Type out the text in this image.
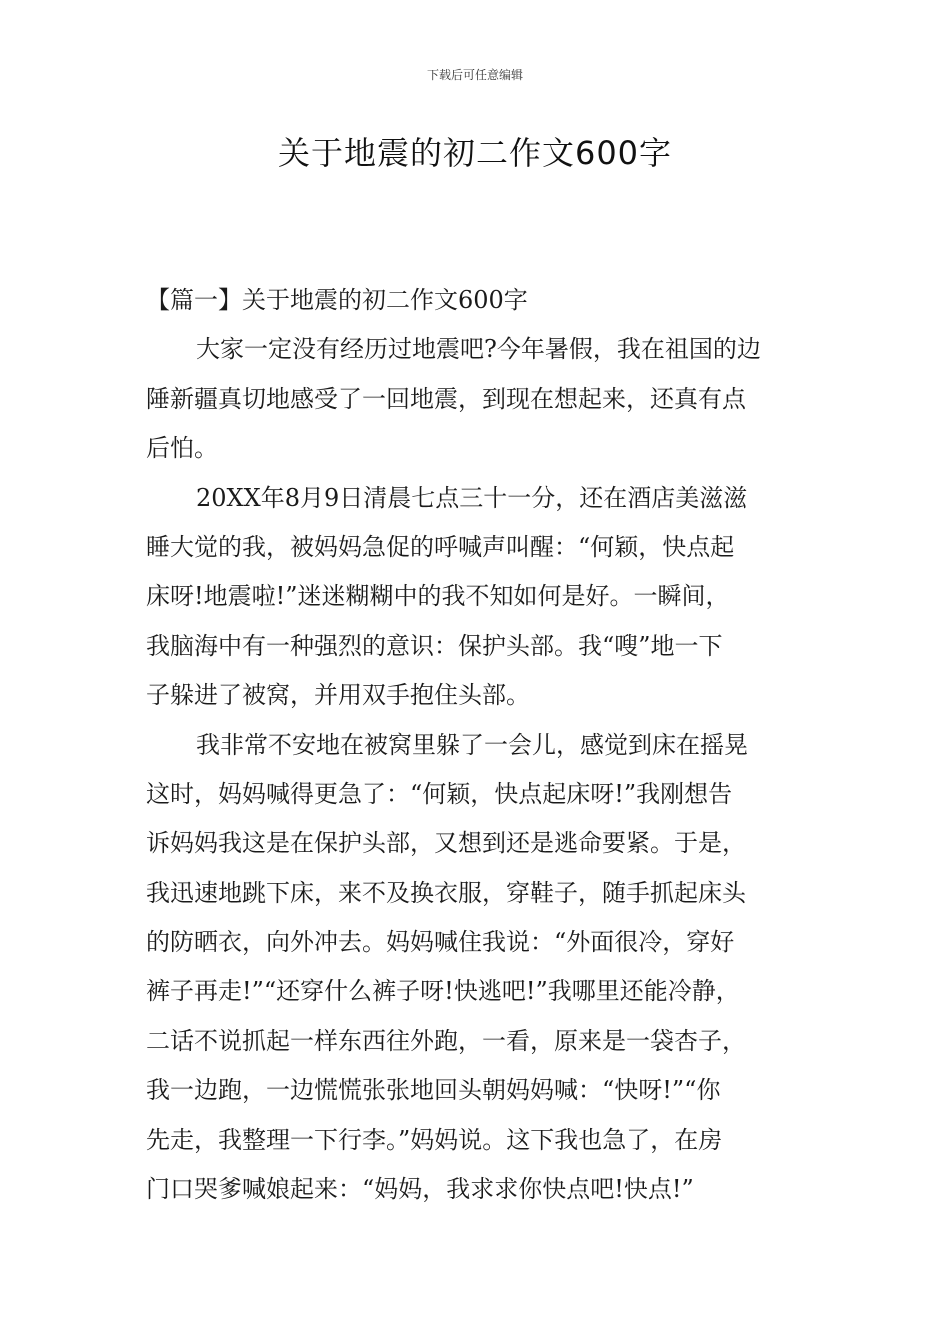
下载后可任意编辑
关于地震的初二作文600字
【篇一】关于地震的初二作文600字
大家一定没有经历过地震吧?今年暑假，我在祖国的边
陲新疆真切地感受了一回地震，到现在想起来，还真有点
后怕。
20XX年8月9日清晨七点三十一分，还在酒店美滋滋
睡大觉的我，被妈妈急促的呼喊声叫醒：“何颖，快点起
床呀!地震啦!”迷迷糊糊中的我不知如何是好。一瞬间，
我脑海中有一种强烈的意识：保护头部。我“嗖”地一下
子躲进了被窝，并用双手抱住头部。
我非常不安地在被窝里躲了一会儿，感觉到床在摇晃
这时，妈妈喊得更急了：“何颖，快点起床呀!”我刚想告
诉妈妈我这是在保护头部，又想到还是逃命要紧。于是，
我迅速地跳下床，来不及换衣服，穿鞋子，随手抓起床头
的防晒衣，向外冲去。妈妈喊住我说：“外面很冷，穿好
裤子再走!”“还穿什么裤子呀!快逃吧!”我哪里还能冷静，
二话不说抓起一样东西往外跑，一看，原来是一袋杏子，
我一边跑，一边慌慌张张地回头朝妈妈喊：“快呀!”“你
先走，我整理一下行李。”妈妈说。这下我也急了，在房
门口哭爹喊娘起来：“妈妈，我求求你快点吧!快点!”
